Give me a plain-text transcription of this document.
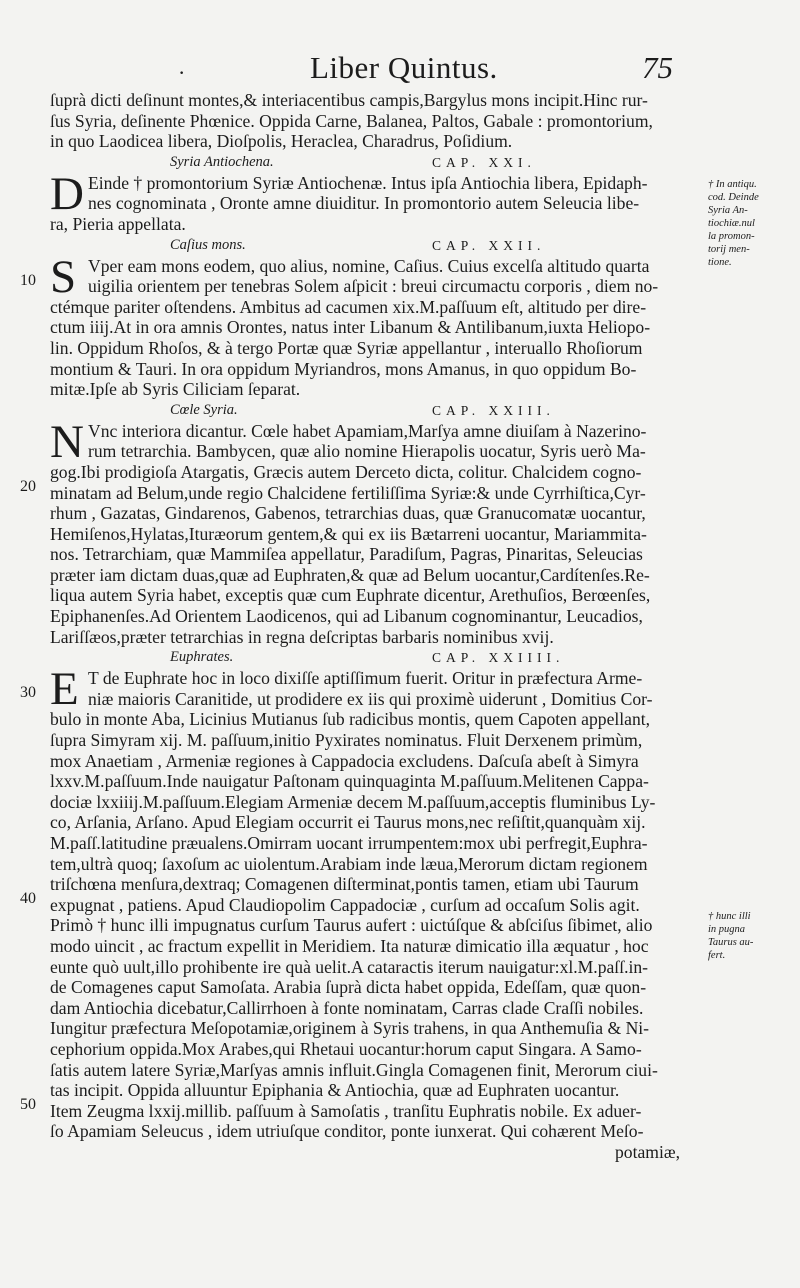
·	Liber Quintus.	75
ſuprà dicti deſinunt montes,& interiacentibus campis,Bargylus mons incipit.Hinc rur-
ſus Syria, deſinente Phœnice. Oppida Carne, Balanea, Paltos, Gabale : promontorium,
in quo Laodicea libera, Dioſpolis, Heraclea, Charadrus, Poſidium.
Syria Antiochena.	CAP. XXI.
D Einde † promontorium Syriæ Antiochenæ. Intus ipſa Antiochia libera, Epidaph-
nes cognominata , Oronte amne diuiditur. In promontorio autem Seleucia libe-
ra, Pieria appellata.
Caſius mons.	CAP. XXII.
S Vper eam mons eodem, quo alius, nomine, Caſius. Cuius excelſa altitudo quarta
uigilia orientem per tenebras Solem aſpicit : breui circumactu corporis , diem no-
ctémque pariter oſtendens. Ambitus ad cacumen xix.M.paſſuum eſt, altitudo per dire-
ctum iiij.At in ora amnis Orontes, natus inter Libanum & Antilibanum,iuxta Heliopo-
lin. Oppidum Rhoſos, & à tergo Portæ quæ Syriæ appellantur , interuallo Rhoſiorum
montium & Tauri. In ora oppidum Myriandros, mons Amanus, in quo oppidum Bo-
mitæ.Ipſe ab Syris Ciliciam ſeparat.
Cœle Syria.	CAP. XXIII.
N Vnc interiora dicantur. Cœle habet Apamiam,Marſya amne diuiſam à Nazerino-
rum tetrarchia. Bambycen, quæ alio nomine Hierapolis uocatur, Syris uerò Ma-
gog.Ibi prodigioſa Atargatis, Græcis autem Derceto dicta, colitur. Chalcidem cogno-
minatam ad Belum,unde regio Chalcidene fertiliſſima Syriæ:& unde Cyrrhiſtica,Cyr-
rhum , Gazatas, Gindarenos, Gabenos, tetrarchias duas, quæ Granucomatæ uocantur,
Hemiſenos,Hylatas,Ituræorum gentem,& qui ex iis Bætarreni uocantur, Mariammita-
nos. Tetrarchiam, quæ Mammiſea appellatur, Paradiſum, Pagras, Pinaritas, Seleucias
præter iam dictam duas,quæ ad Euphraten,& quæ ad Belum uocantur,Cardítenſes.Re-
liqua autem Syria habet, exceptis quæ cum Euphrate dicentur, Arethuſios, Berœenſes,
Epiphanenſes.Ad Orientem Laodicenos, qui ad Libanum cognominantur, Leucadios,
Lariſſæos,præter tetrarchias in regna deſcriptas barbaris nominibus xvij.
Euphrates.	CAP. XXIIII.
E T de Euphrate hoc in loco dixiſſe aptiſſimum fuerit. Oritur in præfectura Arme-
niæ maioris Caranitide, ut prodidere ex iis qui proximè uiderunt , Domitius Cor-
bulo in monte Aba, Licinius Mutianus ſub radicibus montis, quem Capoten appellant,
ſupra Simyram xij. M. paſſuum,initio Pyxirates nominatus. Fluit Derxenem primùm,
mox Anaetiam , Armeniæ regiones à Cappadocia excludens. Daſcuſa abeſt à Simyra
lxxv.M.paſſuum.Inde nauigatur Paſtonam quinquaginta M.paſſuum.Melitenen Cappa-
dociæ lxxiiij.M.paſſuum.Elegiam Armeniæ decem M.paſſuum,acceptis fluminibus Ly-
co, Arſania, Arſano. Apud Elegiam occurrit ei Taurus mons,nec reſiſtit,quanquàm xij.
M.paſſ.latitudine præualens.Omirram uocant irrumpentem:mox ubi perfregit,Euphra-
tem,ultrà quoq; ſaxoſum ac uiolentum.Arabiam inde læua,Merorum dictam regionem
triſchœna menſura,dextraq; Comagenen diſterminat,pontis tamen, etiam ubi Taurum
expugnat , patiens. Apud Claudiopolim Cappadociæ , curſum ad occaſum Solis agit.
Primò † hunc illi impugnatus curſum Taurus aufert : uictúſque & abſciſus ſibimet, alio
modo uincit , ac fractum expellit in Meridiem. Ita naturæ dimicatio illa æquatur , hoc
eunte quò uult,illo prohibente ire quà uelit.A cataractis iterum nauigatur:xl.M.paſſ.in-
de Comagenes caput Samoſata. Arabia ſuprà dicta habet oppida, Edeſſam, quæ quon-
dam Antiochia dicebatur,Callirrhoen à fonte nominatam, Carras clade Craſſi nobiles.
Iungitur præfectura Meſopotamiæ,originem à Syris trahens, in qua Anthemuſia & Ni-
cephorium oppida.Mox Arabes,qui Rhetaui uocantur:horum caput Singara. A Samo-
ſatis autem latere Syriæ,Marſyas amnis influit.Gingla Comagenen finit, Merorum ciui-
tas incipit. Oppida alluuntur Epiphania & Antiochia, quæ ad Euphraten uocantur.
Item Zeugma lxxij.millib. paſſuum à Samoſatis , tranſitu Euphratis nobile. Ex aduer-
ſo Apamiam Seleucus , idem utriuſque conditor, ponte iunxerat. Qui cohærent Meſo-
potamiæ,
10
20
30
40
50
† In antiqu.
cod. Deinde
Syria An-
tiochiæ.nul
la promon-
torij men-
tione.
† hunc illi
in pugna
Taurus au-
fert.
